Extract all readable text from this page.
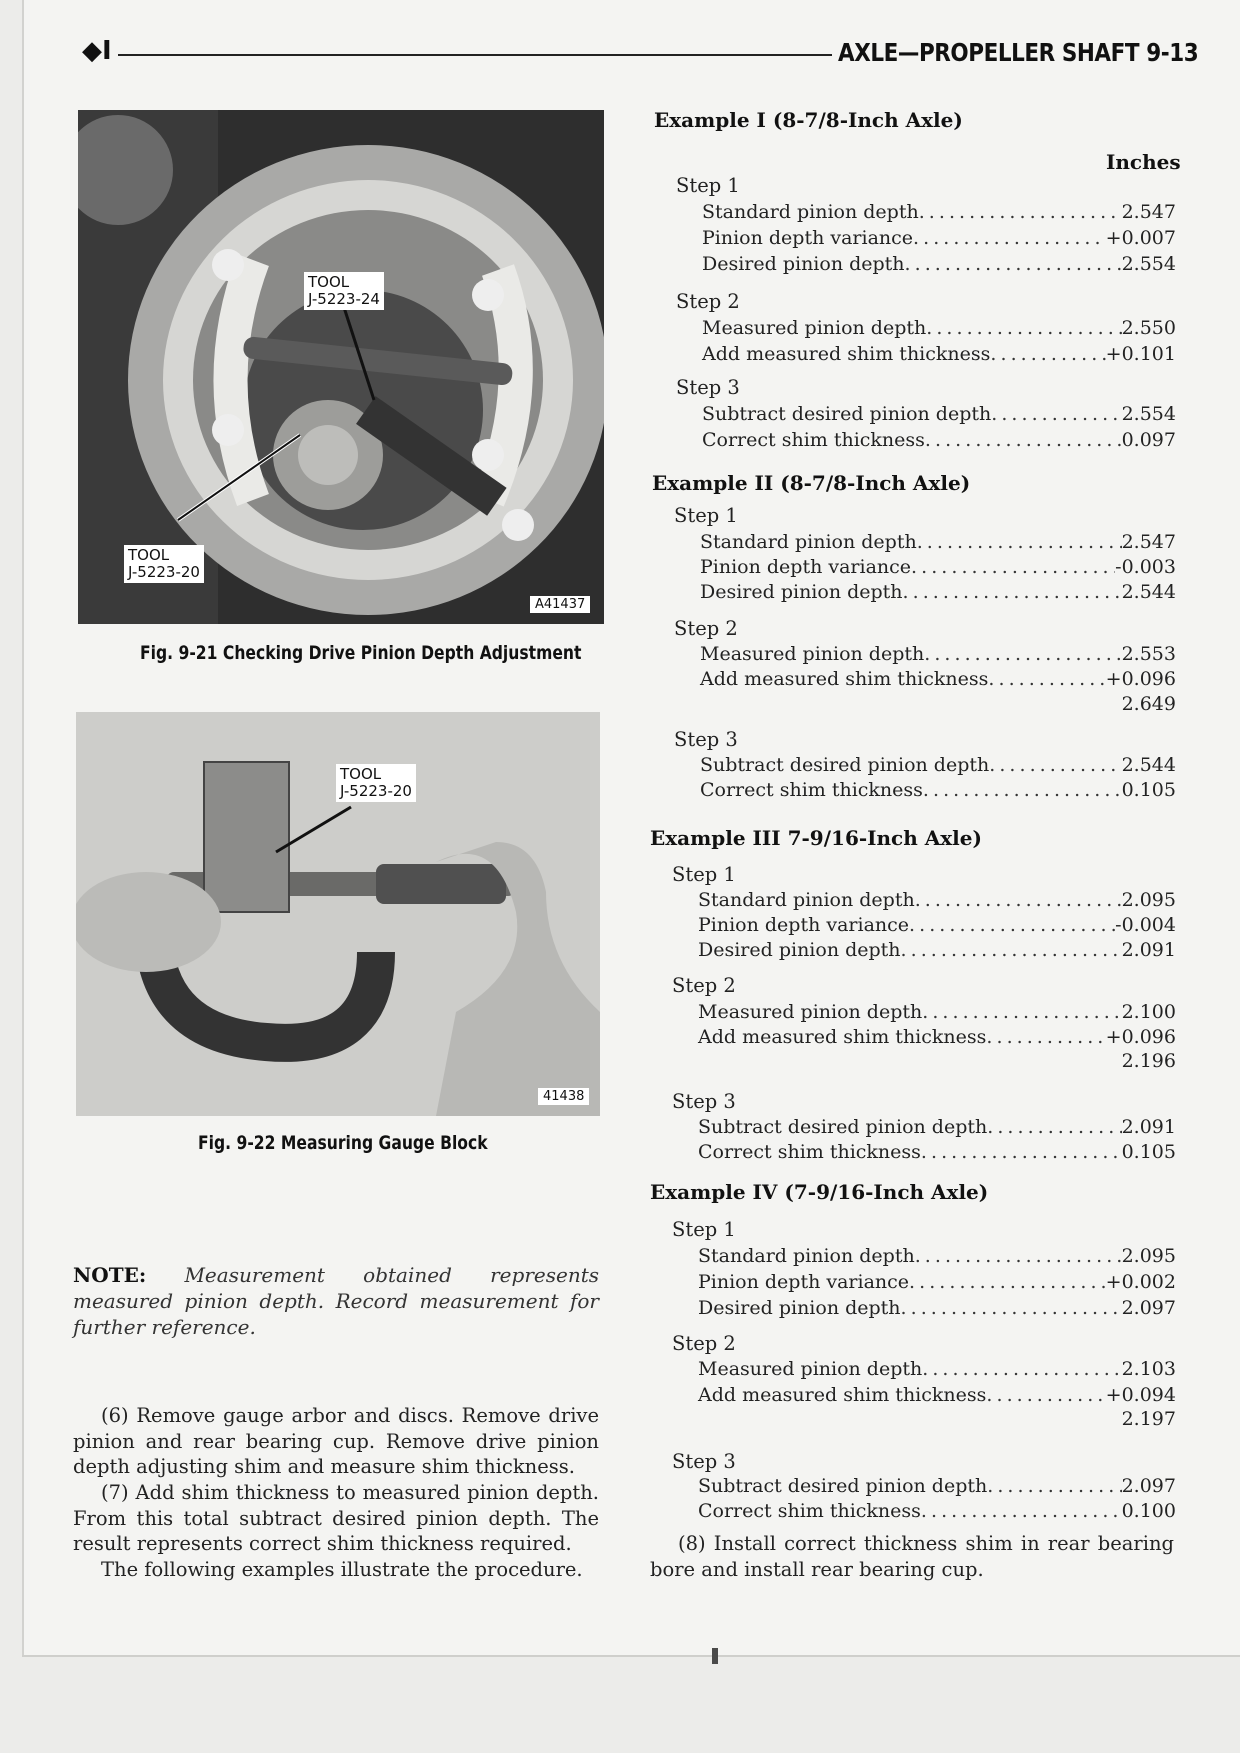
◆I	AXLE—PROPELLER SHAFT 9-13
TOOL
J-5223-24
TOOL
J-5223-20
A41437
Fig. 9-21 Checking Drive Pinion Depth Adjustment
TOOL
J-5223-20
41438
Fig. 9-22 Measuring Gauge Block
NOTE: Measurement obtained represents measured pinion depth. Record measurement for further reference.
(6) Remove gauge arbor and discs. Remove drive pinion and rear bearing cup. Remove drive pinion depth adjusting shim and measure shim thickness.
(7) Add shim thickness to measured pinion depth. From this total subtract desired pinion depth. The result represents correct shim thickness required.
The following examples illustrate the procedure.
Inches
Example I (8-7/8-Inch Axle)
Step 1
Standard pinion depth . . .	2.547
Pinion depth variance . . .	+0.007
Desired pinion depth . . .	2.554
Step 2
Measured pinion depth . . .	2.550
Add measured shim thickness . . .	+0.101
Step 3
Subtract desired pinion depth . . .	2.554
Correct shim thickness . . .	0.097
Example II (8-7/8-Inch Axle)
Step 1
Standard pinion depth . . .	2.547
Pinion depth variance . . .	-0.003
Desired pinion depth . . .	2.544
Step 2
Measured pinion depth . . .	2.553
Add measured shim thickness . . .	+0.096
2.649
Step 3
Subtract desired pinion depth . . .	2.544
Correct shim thickness . . .	0.105
Example III 7-9/16-Inch Axle)
Step 1
Standard pinion depth . . .	2.095
Pinion depth variance . . .	-0.004
Desired pinion depth . . .	2.091
Step 2
Measured pinion depth . . .	2.100
Add measured shim thickness . . .	+0.096
2.196
Step 3
Subtract desired pinion depth . . .	2.091
Correct shim thickness . . .	0.105
Example IV (7-9/16-Inch Axle)
Step 1
Standard pinion depth . . .	2.095
Pinion depth variance . . .	+0.002
Desired pinion depth . . .	2.097
Step 2
Measured pinion depth . . .	2.103
Add measured shim thickness . . .	+0.094
2.197
Step 3
Subtract desired pinion depth . . .	2.097
Correct shim thickness . . .	0.100
(8) Install correct thickness shim in rear bearing bore and install rear bearing cup.
